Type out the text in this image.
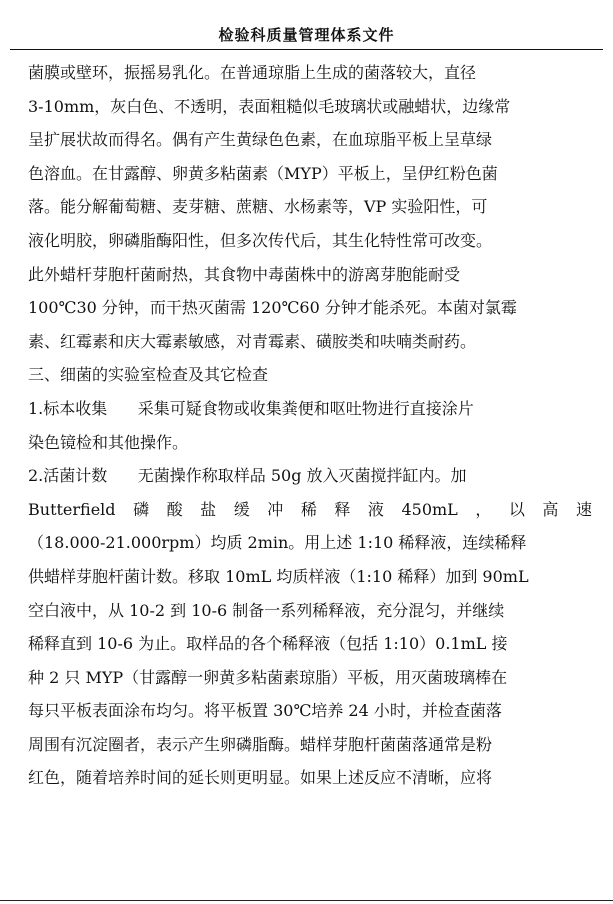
检验科质量管理体系文件
菌膜或壁环，振摇易乳化。在普通琼脂上生成的菌落较大，直径
3-10mm，灰白色、不透明，表面粗糙似毛玻璃状或融蜡状，边缘常
呈扩展状故而得名。偶有产生黄绿色色素，在血琼脂平板上呈草绿
色溶血。在甘露醇、卵黄多粘菌素（MYP）平板上，呈伊红粉色菌
落。能分解葡萄糖、麦芽糖、蔗糖、水杨素等，VP 实验阳性，可
液化明胶，卵磷脂酶阳性，但多次传代后，其生化特性常可改变。
此外蜡杆芽胞杆菌耐热，其食物中毒菌株中的游离芽胞能耐受
100℃30 分钟，而干热灭菌需 120℃60 分钟才能杀死。本菌对氯霉
素、红霉素和庆大霉素敏感，对青霉素、磺胺类和呋喃类耐药。
三、细菌的实验室检查及其它检查
1.标本收集      采集可疑食物或收集粪便和呕吐物进行直接涂片
染色镜检和其他操作。
2.活菌计数      无菌操作称取样品 50g 放入灭菌搅拌缸内。加
Butterfield 磷 酸 盐 缓 冲 稀 释 液 450mL ， 以 高 速
（18.000-21.000rpm）均质 2min。用上述 1:10 稀释液，连续稀释
供蜡样芽胞杆菌计数。移取 10mL 均质样液（1:10 稀释）加到 90mL
空白液中，从 10-2 到 10-6 制备一系列稀释液，充分混匀，并继续
稀释直到 10-6 为止。取样品的各个稀释液（包括 1:10）0.1mL 接
种 2 只 MYP（甘露醇一卵黄多粘菌素琼脂）平板，用灭菌玻璃棒在
每只平板表面涂布均匀。将平板置 30℃培养 24 小时，并检查菌落
周围有沉淀圈者，表示产生卵磷脂酶。蜡样芽胞杆菌菌落通常是粉
红色，随着培养时间的延长则更明显。如果上述反应不清晰，应将
